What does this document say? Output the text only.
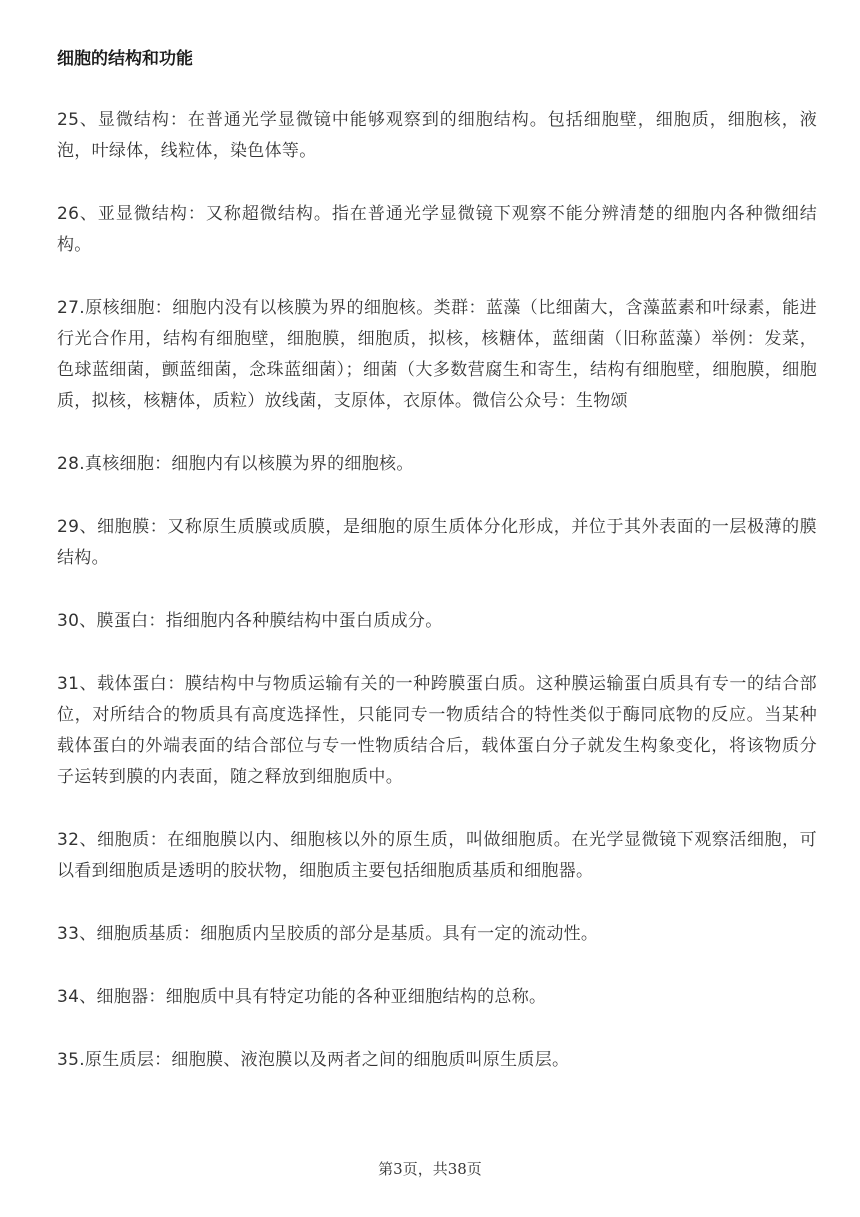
细胞的结构和功能

25、显微结构：在普通光学显微镜中能够观察到的细胞结构。包括细胞壁，细胞质，细胞核，液泡，叶绿体，线粒体，染色体等。

26、亚显微结构：又称超微结构。指在普通光学显微镜下观察不能分辨清楚的细胞内各种微细结构。

27.原核细胞：细胞内没有以核膜为界的细胞核。类群：蓝藻（比细菌大，含藻蓝素和叶绿素，能进行光合作用，结构有细胞壁，细胞膜，细胞质，拟核，核糖体，蓝细菌（旧称蓝藻）举例：发菜，色球蓝细菌，颤蓝细菌，念珠蓝细菌）；细菌（大多数营腐生和寄生，结构有细胞壁，细胞膜，细胞质，拟核，核糖体，质粒）放线菌，支原体，衣原体。微信公众号：生物颂

28.真核细胞：细胞内有以核膜为界的细胞核。

29、细胞膜：又称原生质膜或质膜，是细胞的原生质体分化形成，并位于其外表面的一层极薄的膜结构。

30、膜蛋白：指细胞内各种膜结构中蛋白质成分。

31、载体蛋白：膜结构中与物质运输有关的一种跨膜蛋白质。这种膜运输蛋白质具有专一的结合部位，对所结合的物质具有高度选择性，只能同专一物质结合的特性类似于酶同底物的反应。当某种载体蛋白的外端表面的结合部位与专一性物质结合后，载体蛋白分子就发生构象变化，将该物质分子运转到膜的内表面，随之释放到细胞质中。

32、细胞质：在细胞膜以内、细胞核以外的原生质，叫做细胞质。在光学显微镜下观察活细胞，可以看到细胞质是透明的胶状物，细胞质主要包括细胞质基质和细胞器。

33、细胞质基质：细胞质内呈胶质的部分是基质。具有一定的流动性。

34、细胞器：细胞质中具有特定功能的各种亚细胞结构的总称。

35.原生质层：细胞膜、液泡膜以及两者之间的细胞质叫原生质层。

第3页，共38页
